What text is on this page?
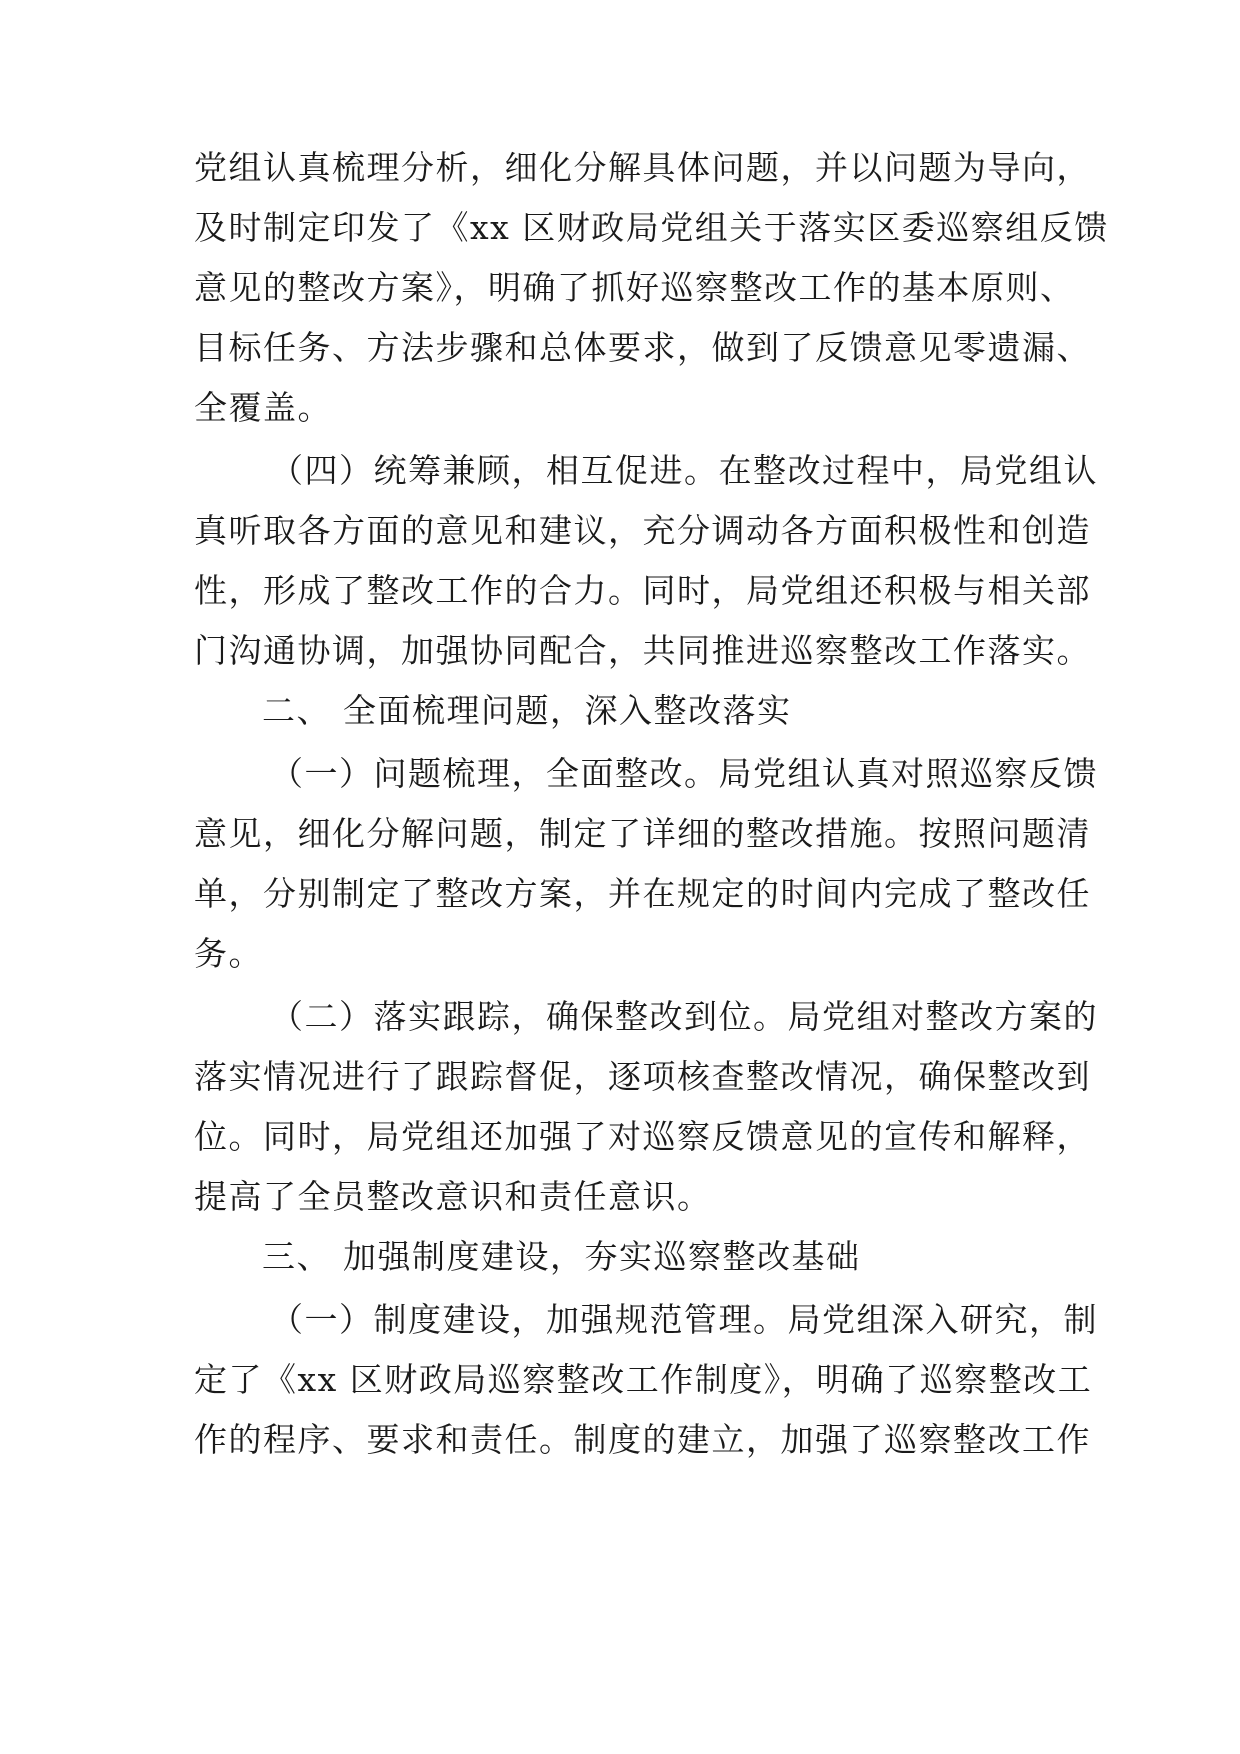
党组认真梳理分析，细化分解具体问题，并以问题为导向，
及时制定印发了《xx 区财政局党组关于落实区委巡察组反馈
意见的整改方案》，明确了抓好巡察整改工作的基本原则、
目标任务、方法步骤和总体要求，做到了反馈意见零遗漏、
全覆盖。
（四）统筹兼顾，相互促进。在整改过程中，局党组认
真听取各方面的意见和建议，充分调动各方面积极性和创造
性，形成了整改工作的合力。同时，局党组还积极与相关部
门沟通协调，加强协同配合，共同推进巡察整改工作落实。
二、 全面梳理问题，深入整改落实
（一）问题梳理，全面整改。局党组认真对照巡察反馈
意见，细化分解问题，制定了详细的整改措施。按照问题清
单，分别制定了整改方案，并在规定的时间内完成了整改任
务。
（二）落实跟踪，确保整改到位。局党组对整改方案的
落实情况进行了跟踪督促，逐项核查整改情况，确保整改到
位。同时，局党组还加强了对巡察反馈意见的宣传和解释，
提高了全员整改意识和责任意识。
三、 加强制度建设，夯实巡察整改基础
（一）制度建设，加强规范管理。局党组深入研究，制
定了《xx 区财政局巡察整改工作制度》，明确了巡察整改工
作的程序、要求和责任。制度的建立，加强了巡察整改工作
